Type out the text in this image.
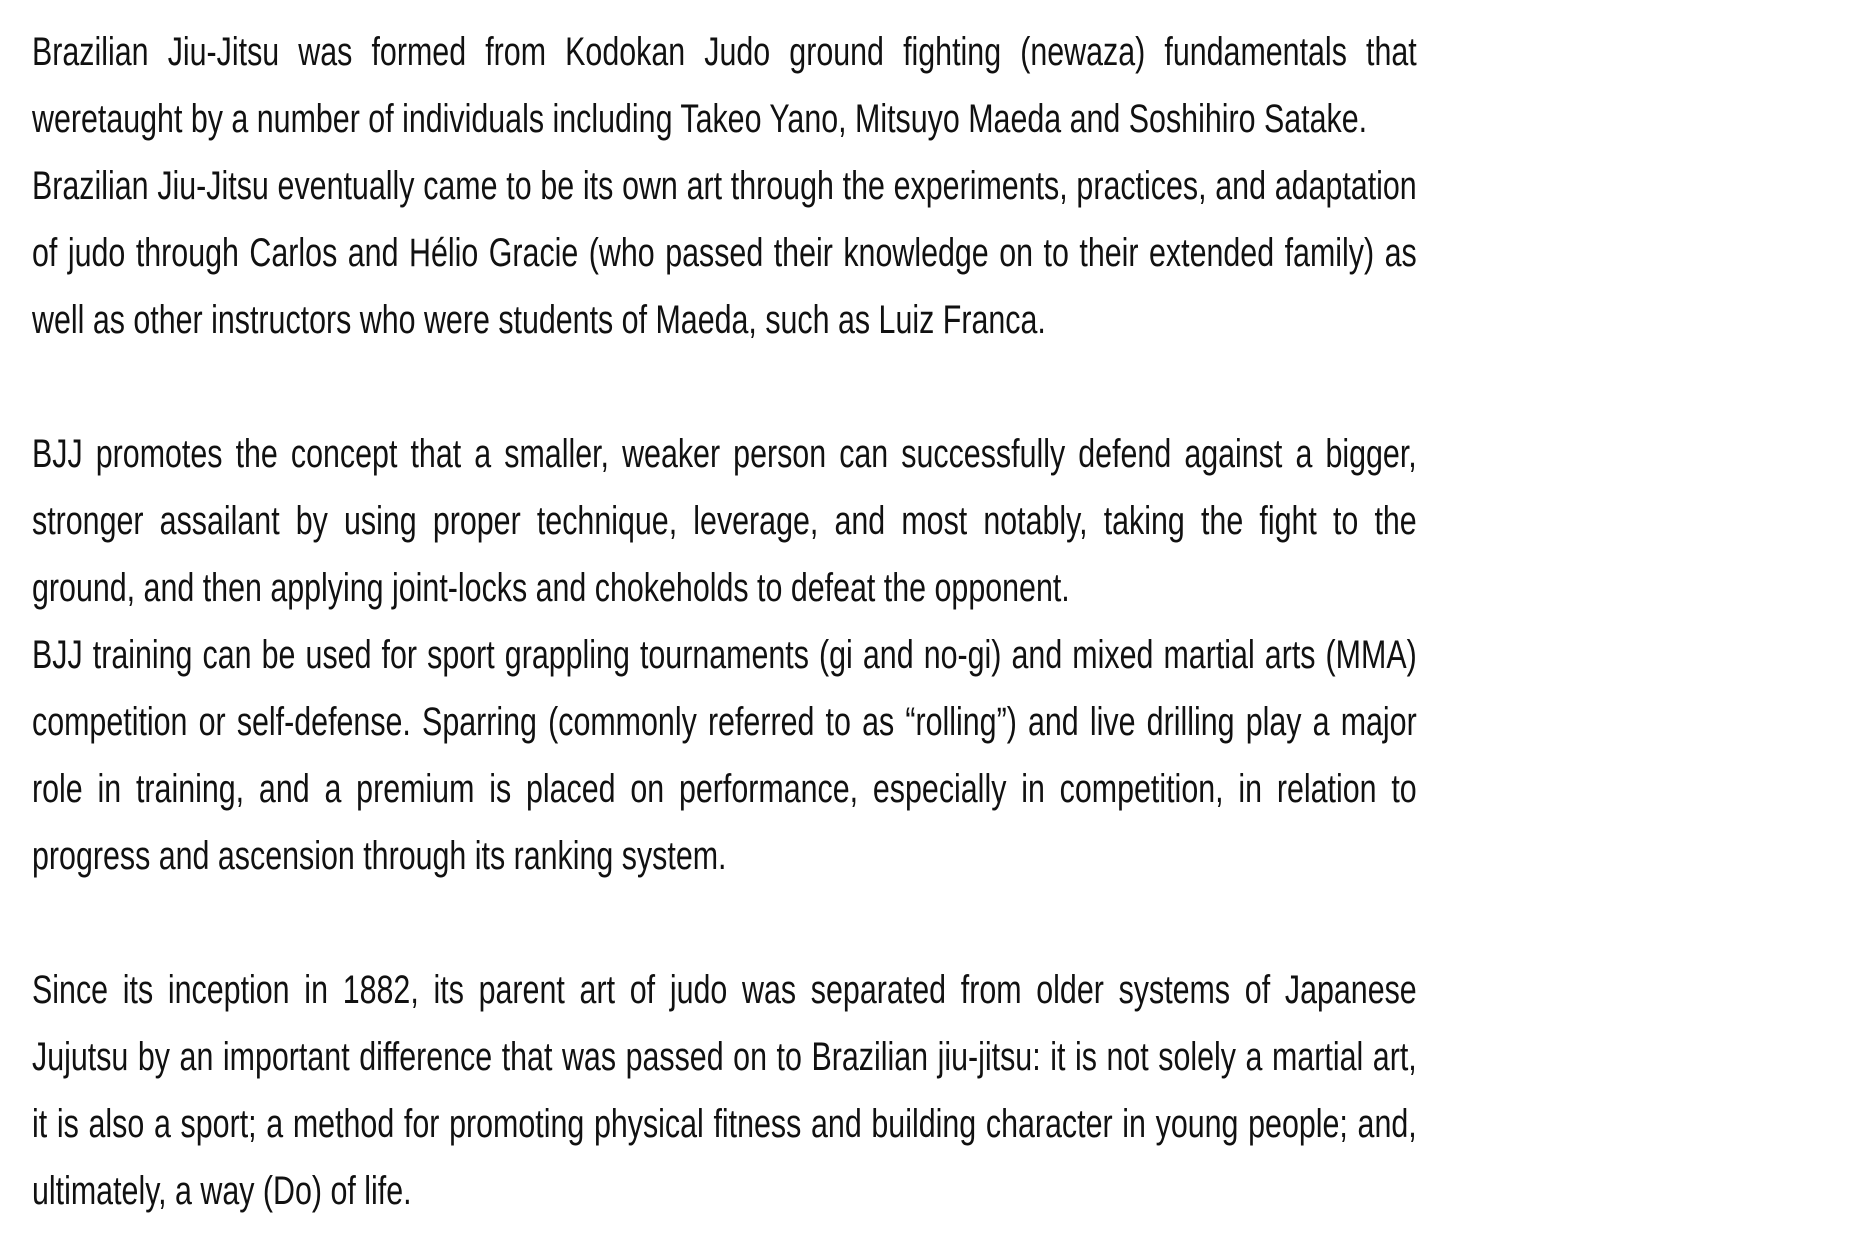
Brazilian Jiu-Jitsu was formed from Kodokan Judo ground fighting (newaza) fundamentals that weretaught by a number of individuals including Takeo Yano, Mitsuyo Maeda and Soshihiro Satake.

Brazilian Jiu-Jitsu eventually came to be its own art through the experiments, practices, and adaptation of judo through Carlos and Hélio Gracie (who passed their knowledge on to their extended family) as well as other instructors who were students of Maeda, such as Luiz Franca.

BJJ promotes the concept that a smaller, weaker person can successfully defend against a bigger, stronger assailant by using proper technique, leverage, and most notably, taking the fight to the ground, and then applying joint-locks and chokeholds to defeat the opponent.

BJJ training can be used for sport grappling tournaments (gi and no-gi) and mixed martial arts (MMA) competition or self-defense. Sparring (commonly referred to as “rolling”) and live drilling play a major role in training, and a premium is placed on performance, especially in competition, in relation to progress and ascension through its ranking system.

Since its inception in 1882, its parent art of judo was separated from older systems of Japanese Jujutsu by an important difference that was passed on to Brazilian jiu-jitsu: it is not solely a martial art, it is also a sport; a method for promoting physical fitness and building character in young people; and, ultimately, a way (Do) of life.
